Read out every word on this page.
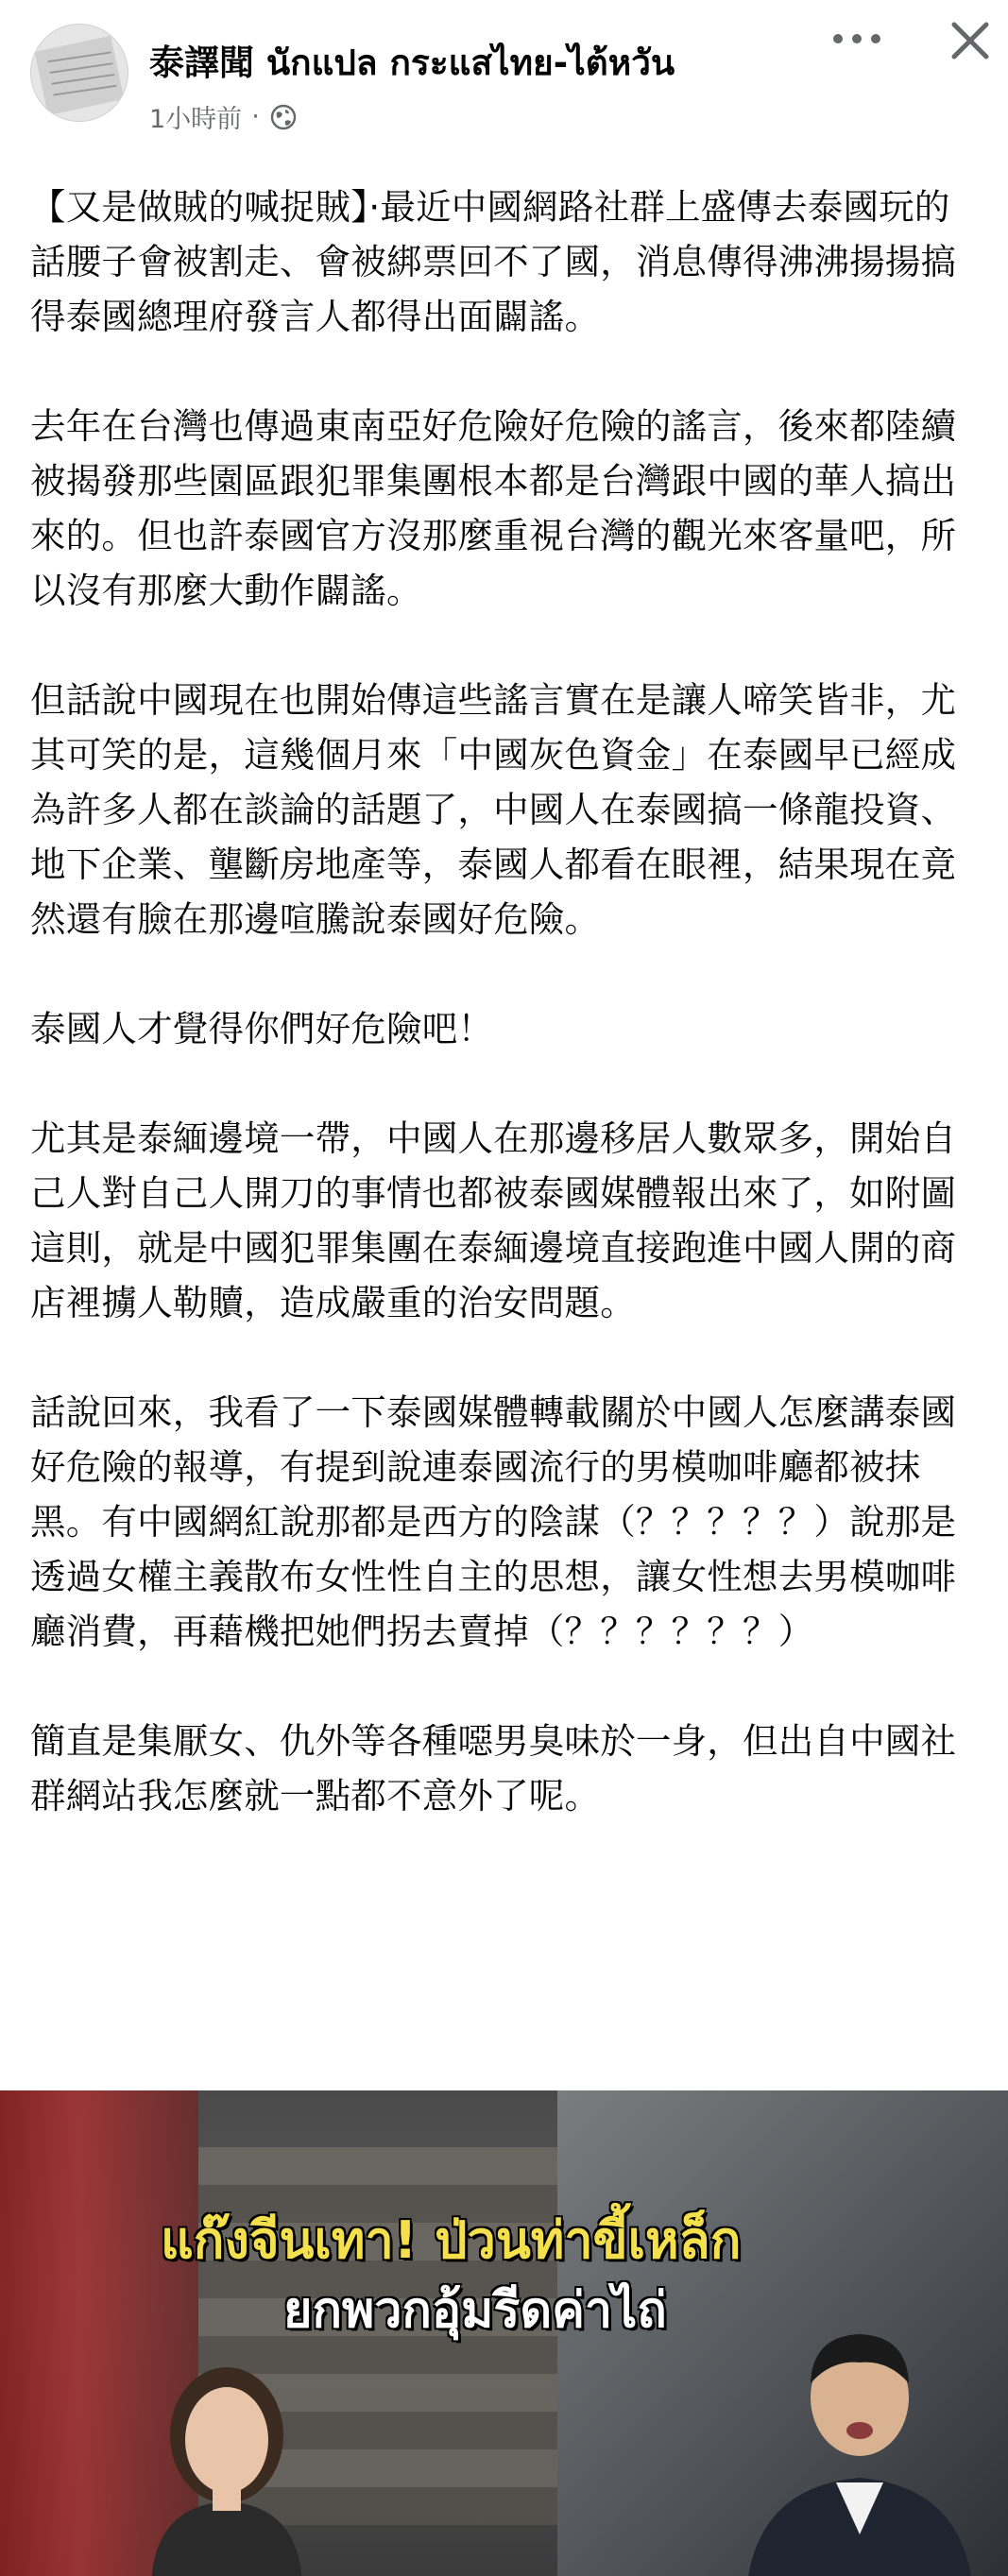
泰譯聞 นักแปล กระแสไทย-ไต้หวัน
1小時前 ·

【又是做賊的喊捉賊】·最近中國網路社群上盛傳去泰國玩的話腰子會被割走、會被綁票回不了國，消息傳得沸沸揚揚搞得泰國總理府發言人都得出面闢謠。

去年在台灣也傳過東南亞好危險好危險的謠言，後來都陸續被揭發那些園區跟犯罪集團根本都是台灣跟中國的華人搞出來的。但也許泰國官方沒那麼重視台灣的觀光來客量吧，所以沒有那麼大動作闢謠。

但話說中國現在也開始傳這些謠言實在是讓人啼笑皆非，尤其可笑的是，這幾個月來「中國灰色資金」在泰國早已經成為許多人都在談論的話題了，中國人在泰國搞一條龍投資、地下企業、壟斷房地產等，泰國人都看在眼裡，結果現在竟然還有臉在那邊喧騰說泰國好危險。

泰國人才覺得你們好危險吧！

尤其是泰緬邊境一帶，中國人在那邊移居人數眾多，開始自己人對自己人開刀的事情也都被泰國媒體報出來了，如附圖這則，就是中國犯罪集團在泰緬邊境直接跑進中國人開的商店裡擄人勒贖，造成嚴重的治安問題。

話說回來，我看了一下泰國媒體轉載關於中國人怎麼講泰國好危險的報導，有提到說連泰國流行的男模咖啡廳都被抹黑。有中國網紅說那都是西方的陰謀（？？？？？）說那是透過女權主義散布女性性自主的思想，讓女性想去男模咖啡廳消費，再藉機把她們拐去賣掉（？？？？？？）

簡直是集厭女、仇外等各種噁男臭味於一身，但出自中國社群網站我怎麼就一點都不意外了呢。

แก๊งจีนเทา! ป่วนท่าขี้เหล็ก
ยกพวกอุ้มรีดค่าไถ่
